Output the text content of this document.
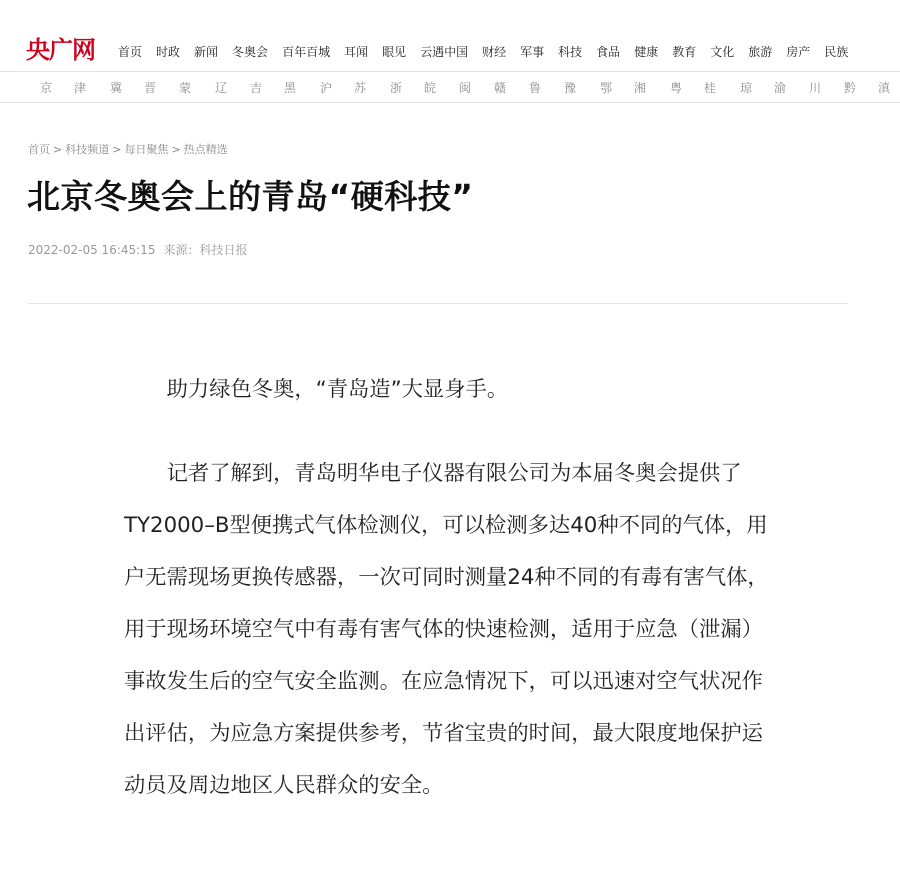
央广网 首页 时政 新闻 冬奥会 百年百城 耳闻 眼见 云遇中国 财经 军事 科技 食品 健康 教育 文化 旅游 房产 民族
京	津	冀	晋	蒙	辽	吉	黑	沪	苏	浙	皖	闽	赣	鲁	豫	鄂	湘	粤	桂	琼	渝	川	黔	滇
首页 > 科技频道 > 每日聚焦 > 热点精选
北京冬奥会上的青岛“硬科技”
2022-02-05 16:45:15 来源：科技日报

助力绿色冬奥，“青岛造”大显身手。

记者了解到，青岛明华电子仪器有限公司为本届冬奥会提供了TY2000–B型便携式气体检测仪，可以检测多达40种不同的气体，用户无需现场更换传感器，一次可同时测量24种不同的有毒有害气体，用于现场环境空气中有毒有害气体的快速检测，适用于应急（泄漏）事故发生后的空气安全监测。在应急情况下，可以迅速对空气状况作出评估，为应急方案提供参考，节省宝贵的时间，最大限度地保护运动员及周边地区人民群众的安全。
